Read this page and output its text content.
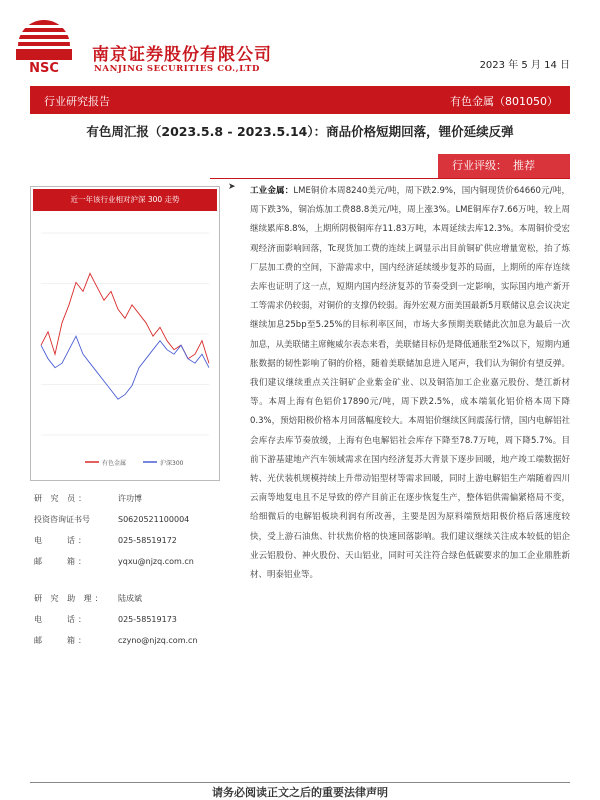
NSC
南京证券股份有限公司
NANJING SECURITIES CO.,LTD	2023 年 5 月 14 日
行业研究报告	有色金属（801050）
有色周汇报（2023.5.8 - 2023.5.14）：商品价格短期回落，锂价延续反弹
行业评级： 推荐
近一年该行业相对沪深 300 走势
有色金属	沪深300
研 究 员：	许功博
投资咨询证书号	S0620521100004
电　　话：	025-58519172
邮　　箱：	yqxu@njzq.com.cn
研 究 助 理： 陆成斌
电　　话：	025-58519173
邮　　箱：	czyno@njzq.com.cn
➤ 工业金属：LME铜价本周8240美元/吨，周下跌2.9%，国内铜现货价64660元/吨，周下跌3%，铜冶炼加工费88.8美元/吨，周上涨3%。LME铜库存7.66万吨，较上周继续累库8.8%，上期所阴极铜库存11.83万吨，本周延续去库12.3%。本周铜价受宏观经济面影响回落，Tc现货加工费的连续上调显示出目前铜矿供应增量宽松，抬了炼厂层加工费的空间，下游需求中，国内经济延续缓步复苏的局面，上期所的库存连续去库也证明了这一点，短期内国内经济复苏的节奏受到一定影响，实际国内地产新开工等需求仍较弱，对铜价的支撑仍较弱。海外宏观方面美国最新5月联储议息会议决定继续加息25bp至5.25%的目标利率区间，市场大多预期美联储此次加息为最后一次加息，从美联储主席鲍威尔表态来看，美联储目标仍是降低通胀至2%以下，短期内通胀数据的韧性影响了铜的价格，随着美联储加息进入尾声，我们认为铜价有望反弹。我们建议继续重点关注铜矿企业紫金矿业、以及铜箔加工企业嘉元股份、楚江新材等。本周上海有色铝价17890元/吨，周下跌2.5%，成本端氧化铝价格本周下降0.3%，预焙阳极价格本月回落幅度较大。本周铝价继续区间震荡行情，国内电解铝社会库存去库节奏放缓，上海有色电解铝社会库存下降至78.7万吨，周下降5.7%。目前下游基建地产汽车领域需求在国内经济复苏大背景下逐步回暖，地产竣工端数据好转、光伏装机规模持续上升带动铝型材等需求回暖，同时上游电解铝生产端随着四川云南等地复电且不足导致的停产目前正在逐步恢复生产，整体铝供需偏紧格局不变，给细微后的电解铝板块利润有所改善，主要是因为原料端预焙阳极价格后落速度较快，受上游石油焦、针状焦价格的快速回落影响。我们建议继续关注成本较低的铝企业云铝股份、神火股份、天山铝业，同时可关注符合绿色低碳要求的加工企业鼎胜新材、明泰铝业等。
请务必阅读正文之后的重要法律声明
